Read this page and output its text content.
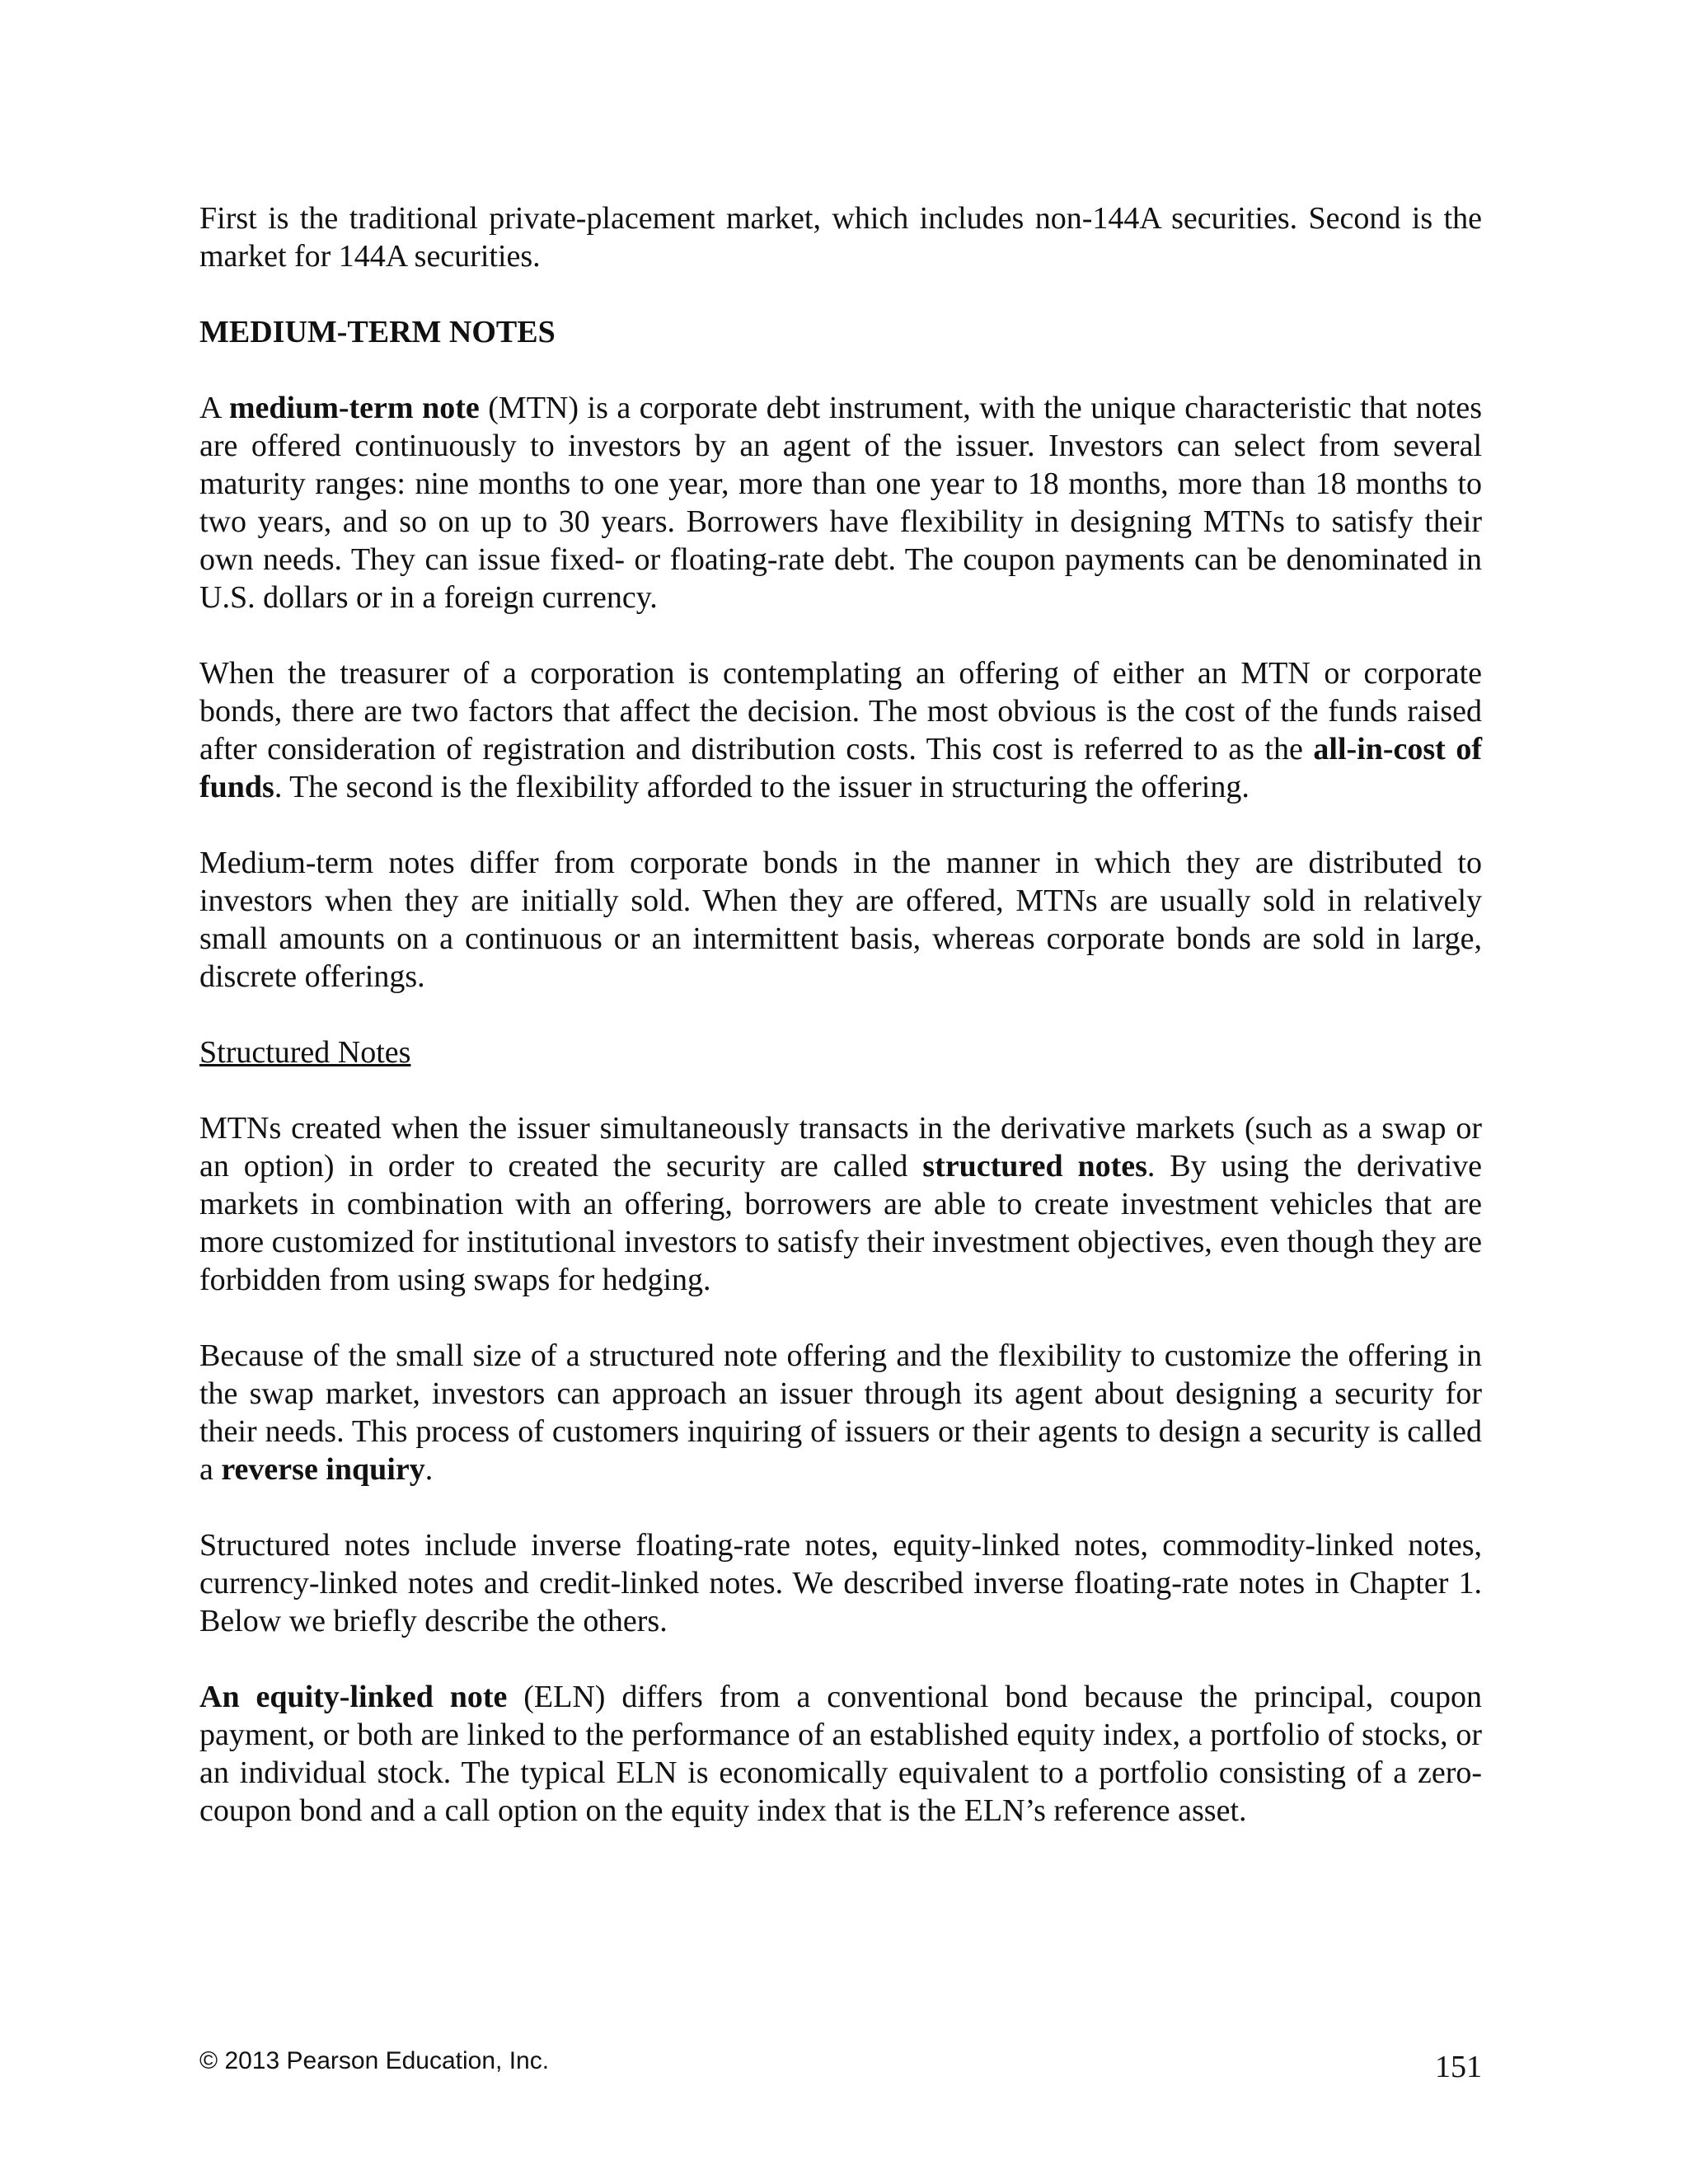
First is the traditional private-placement market, which includes non-144A securities. Second is the market for 144A securities.

MEDIUM-TERM NOTES

A medium-term note (MTN) is a corporate debt instrument, with the unique characteristic that notes are offered continuously to investors by an agent of the issuer. Investors can select from several maturity ranges: nine months to one year, more than one year to 18 months, more than 18 months to two years, and so on up to 30 years. Borrowers have flexibility in designing MTNs to satisfy their own needs. They can issue fixed- or floating-rate debt. The coupon payments can be denominated in U.S. dollars or in a foreign currency.

When the treasurer of a corporation is contemplating an offering of either an MTN or corporate bonds, there are two factors that affect the decision. The most obvious is the cost of the funds raised after consideration of registration and distribution costs. This cost is referred to as the all-in-cost of funds. The second is the flexibility afforded to the issuer in structuring the offering.

Medium-term notes differ from corporate bonds in the manner in which they are distributed to investors when they are initially sold. When they are offered, MTNs are usually sold in relatively small amounts on a continuous or an intermittent basis, whereas corporate bonds are sold in large, discrete offerings.

Structured Notes

MTNs created when the issuer simultaneously transacts in the derivative markets (such as a swap or an option) in order to created the security are called structured notes. By using the derivative markets in combination with an offering, borrowers are able to create investment vehicles that are more customized for institutional investors to satisfy their investment objectives, even though they are forbidden from using swaps for hedging.

Because of the small size of a structured note offering and the flexibility to customize the offering in the swap market, investors can approach an issuer through its agent about designing a security for their needs. This process of customers inquiring of issuers or their agents to design a security is called a reverse inquiry.

Structured notes include inverse floating-rate notes, equity-linked notes, commodity-linked notes, currency-linked notes and credit-linked notes. We described inverse floating-rate notes in Chapter 1. Below we briefly describe the others.

An equity-linked note (ELN) differs from a conventional bond because the principal, coupon payment, or both are linked to the performance of an established equity index, a portfolio of stocks, or an individual stock. The typical ELN is economically equivalent to a portfolio consisting of a zero-coupon bond and a call option on the equity index that is the ELN’s reference asset.

© 2013 Pearson Education, Inc.	151
